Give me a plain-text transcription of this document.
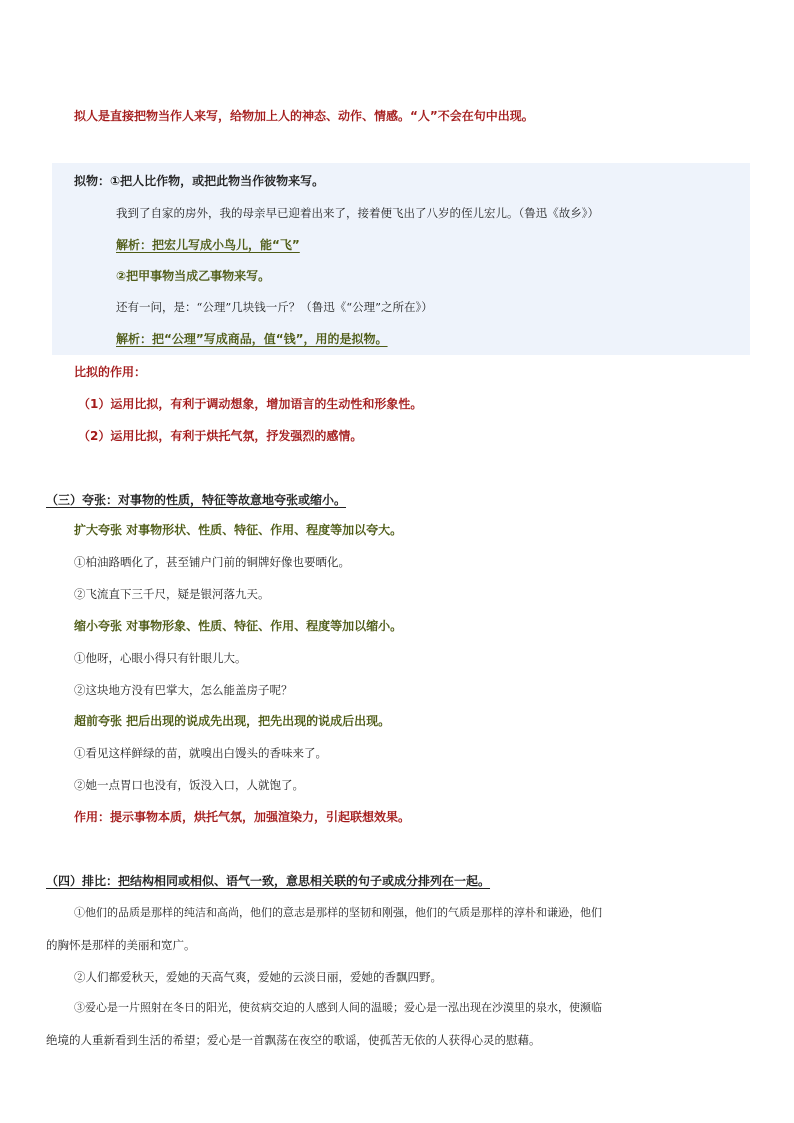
拟人是直接把物当作人来写，给物加上人的神态、动作、情感。“人”不会在句中出现。
拟物：①把人比作物，或把此物当作彼物来写。
我到了自家的房外，我的母亲早已迎着出来了，接着便飞出了八岁的侄儿宏儿。（鲁迅《故乡》）
解析：把宏儿写成小鸟儿，能“飞”
②把甲事物当成乙事物来写。
还有一问，是：“公理”几块钱一斤？（鲁迅《“公理”之所在》）
解析：把“公理”写成商品，值“钱”，用的是拟物。
比拟的作用：
（1）运用比拟，有利于调动想象，增加语言的生动性和形象性。
（2）运用比拟，有利于烘托气氛，抒发强烈的感情。
（三）夸张：对事物的性质，特征等故意地夸张或缩小。
扩大夸张 对事物形状、性质、特征、作用、程度等加以夸大。
①柏油路晒化了，甚至铺户门前的铜牌好像也要晒化。
②飞流直下三千尺，疑是银河落九天。
缩小夸张 对事物形象、性质、特征、作用、程度等加以缩小。
①他呀，心眼小得只有针眼儿大。
②这块地方没有巴掌大，怎么能盖房子呢？
超前夸张 把后出现的说成先出现，把先出现的说成后出现。
①看见这样鲜绿的苗，就嗅出白馒头的香味来了。
②她一点胃口也没有，饭没入口，人就饱了。
作用：提示事物本质，烘托气氛，加强渲染力，引起联想效果。
（四）排比：把结构相同或相似、语气一致，意思相关联的句子或成分排列在一起。
①他们的品质是那样的纯洁和高尚，他们的意志是那样的坚韧和刚强，他们的气质是那样的淳朴和谦逊，他们
的胸怀是那样的美丽和宽广。
②人们都爱秋天，爱她的天高气爽，爱她的云淡日丽，爱她的香飘四野。
③爱心是一片照射在冬日的阳光，使贫病交迫的人感到人间的温暖；爱心是一泓出现在沙漠里的泉水，使濒临
绝境的人重新看到生活的希望；爱心是一首飘荡在夜空的歌谣，使孤苦无依的人获得心灵的慰藉。
